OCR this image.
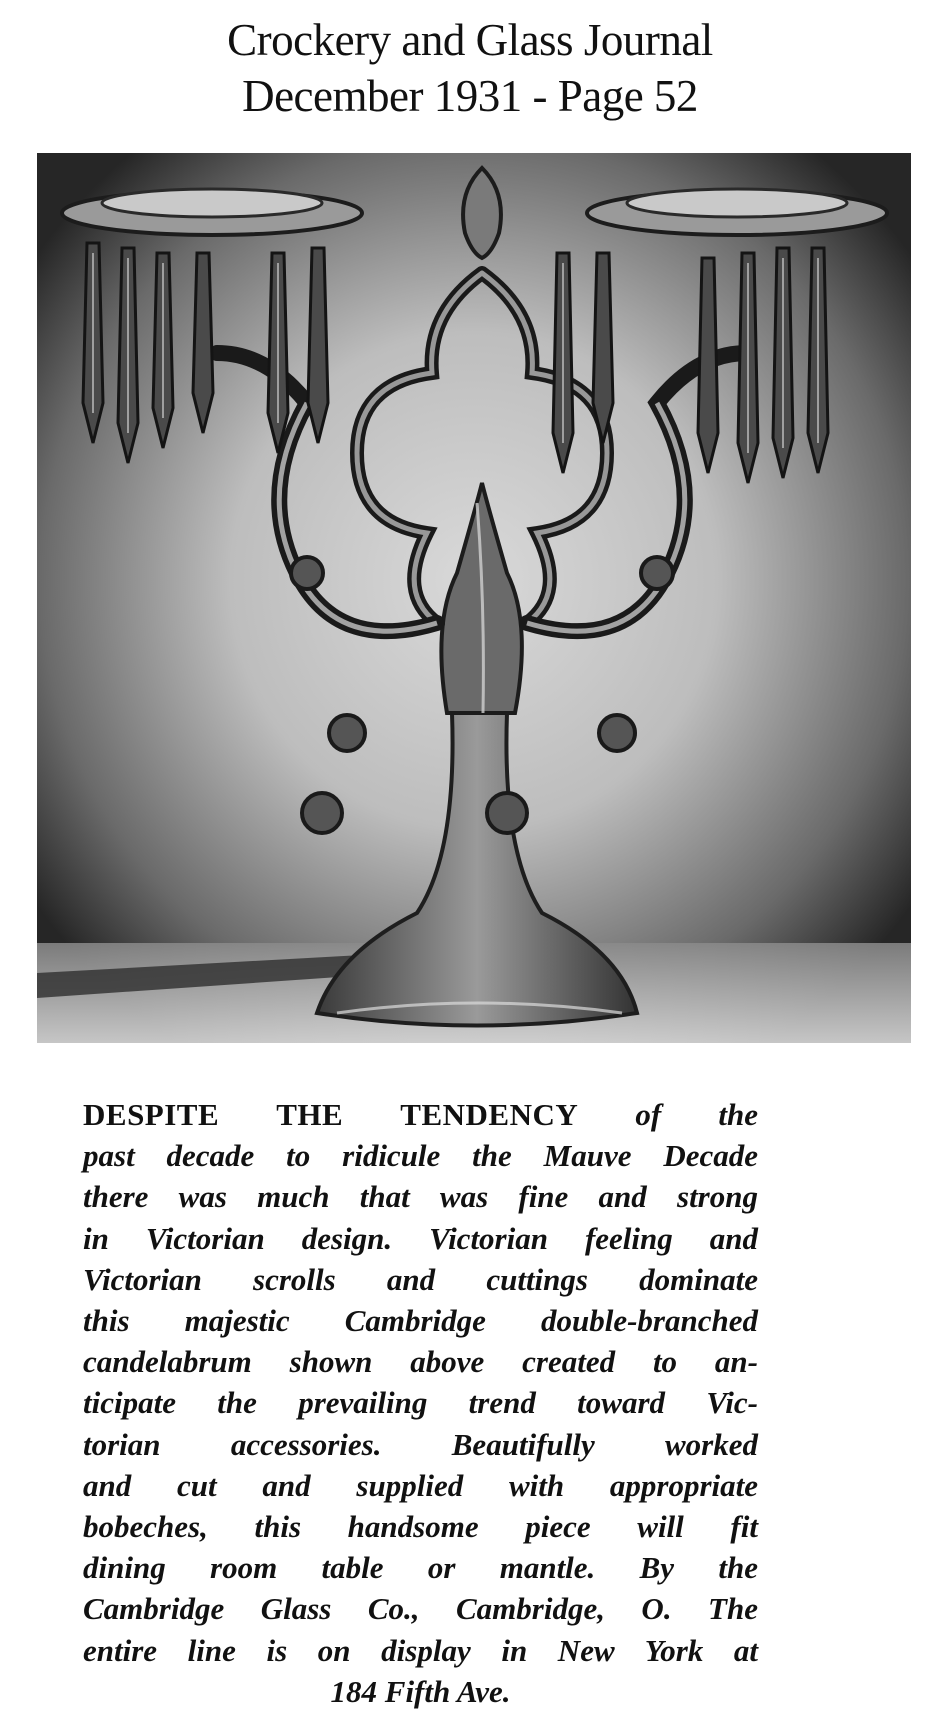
Crockery and Glass Journal
December 1931 - Page 52
DESPITE THE TENDENCY of the
past decade to ridicule the Mauve Decade
there was much that was fine and strong
in Victorian design. Victorian feeling and
Victorian scrolls and cuttings dominate
this majestic Cambridge double-branched
candelabrum shown above created to an-
ticipate the prevailing trend toward Vic-
torian accessories. Beautifully worked
and cut and supplied with appropriate
bobeches, this handsome piece will fit
dining room table or mantle. By the
Cambridge Glass Co., Cambridge, O. The
entire line is on display in New York at
184 Fifth Ave.
